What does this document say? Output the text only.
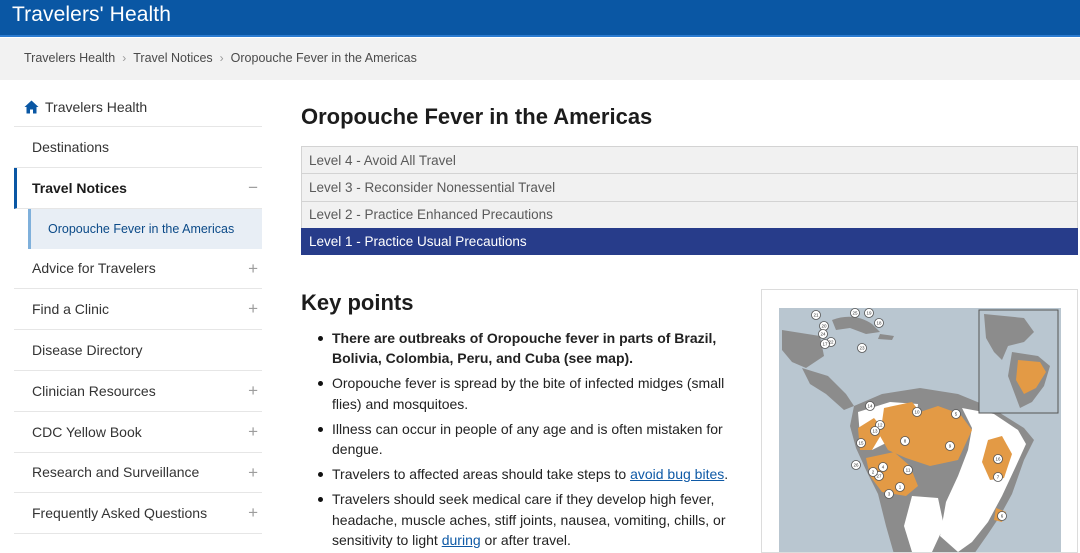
Travelers' Health
Travelers Health › Travel Notices › Oropouche Fever in the Americas
Travelers Health
Destinations
Travel Notices	−
Oropouche Fever in the Americas
Advice for Travelers	+
Find a Clinic	+
Disease Directory
Clinician Resources	+
CDC Yellow Book	+
Research and Surveillance	+
Frequently Asked Questions +
Oropouche Fever in the Americas
Level 4 - Avoid All Travel
Level 3 - Reconsider Nonessential Travel
Level 2 - Practice Enhanced Precautions
Level 1 - Practice Usual Precautions
Key points
There are outbreaks of Oropouche fever in parts of Brazil, Bolivia, Colombia, Peru, and Cuba (see map).
Oropouche fever is spread by the bite of infected midges (small flies) and mosquitoes.
Illness can occur in people of any age and is often mistaken for dengue.
Travelers to affected areas should take steps to avoid bug bites.
Travelers should seek medical care if they develop high fever, headache, muscle aches, stiff joints, nausea, vomiting, chills, or sensitivity to light during or after travel.
21	25 19
20
18
24
22
17
23
10
12
9
5
14
11
8
13
15
16
7
4
26
27
3
2
1
6
